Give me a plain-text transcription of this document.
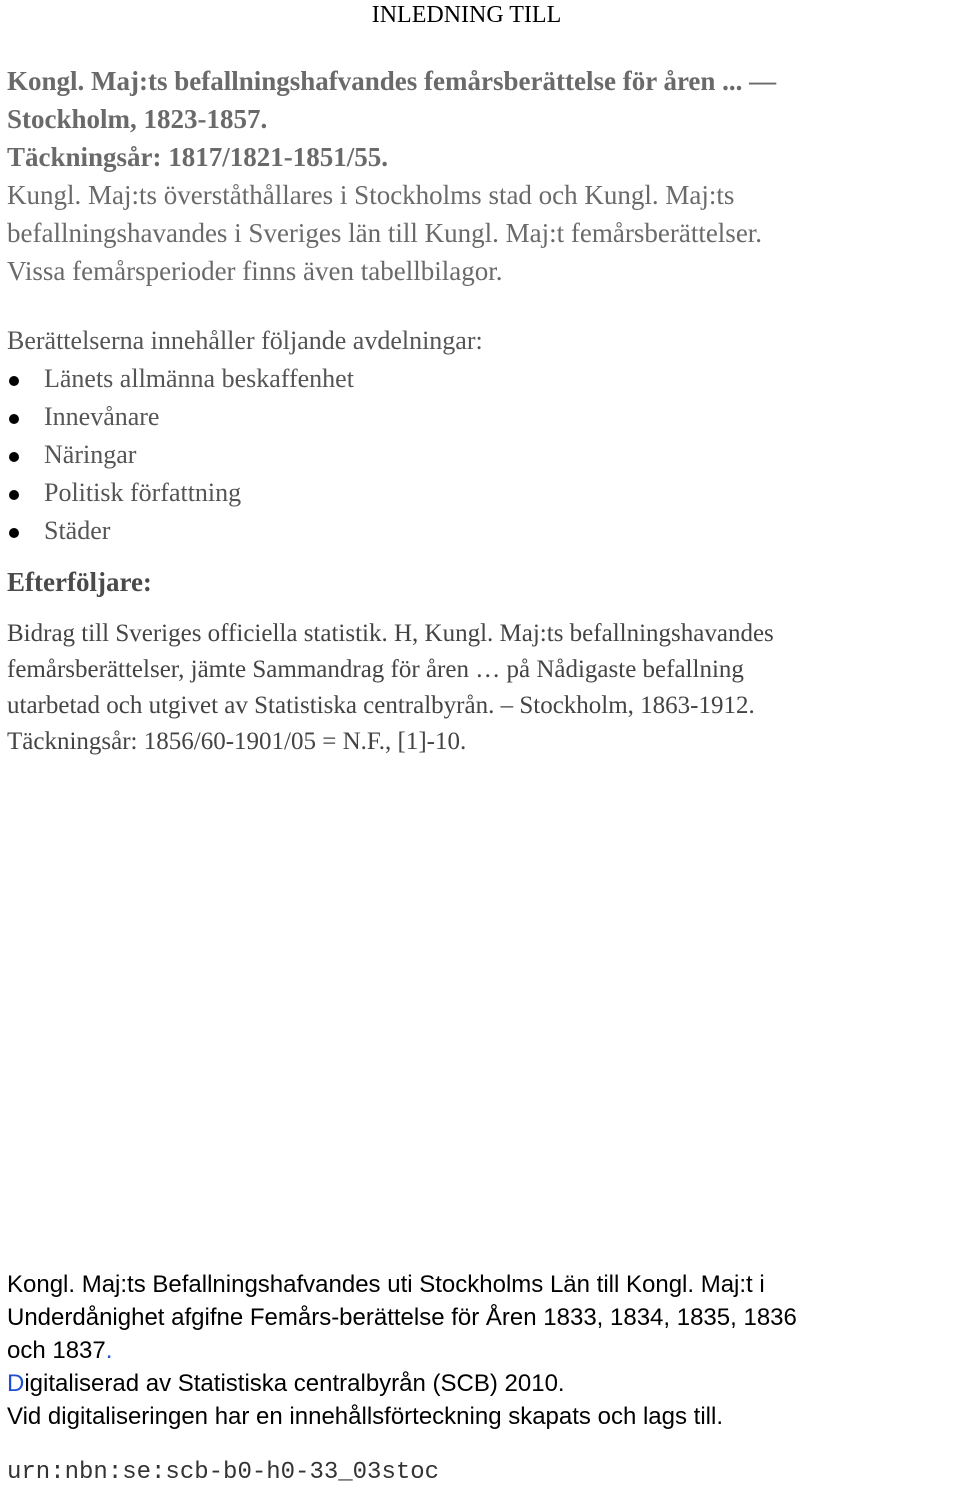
INLEDNING TILL
Kongl. Maj:ts befallningshafvandes femårsberättelse för åren ... —
Stockholm, 1823-1857.
Täckningsår: 1817/1821-1851/55.
Kungl. Maj:ts överståthållares i Stockholms stad och Kungl. Maj:ts
befallningshavandes i Sveriges län till Kungl. Maj:t femårsberättelser.
Vissa femårsperioder finns även tabellbilagor.
Berättelserna innehåller följande avdelningar:
Länets allmänna beskaffenhet
Innevånare
Näringar
Politisk författning
Städer
Efterföljare:
Bidrag till Sveriges officiella statistik. H, Kungl. Maj:ts befallningshavandes
femårsberättelser, jämte Sammandrag för åren … på Nådigaste befallning
utarbetad och utgivet av Statistiska centralbyrån. – Stockholm, 1863-1912.
Täckningsår: 1856/60-1901/05 = N.F., [1]-10.
Kongl. Maj:ts Befallningshafvandes uti Stockholms Län till Kongl. Maj:t i
Underdånighet afgifne Femårs-berättelse för Åren 1833, 1834, 1835, 1836
och 1837.
Digitaliserad av Statistiska centralbyrån (SCB) 2010.
Vid digitaliseringen har en innehållsförteckning skapats och lags till.
urn:nbn:se:scb-b0-h0-33_03stoc
